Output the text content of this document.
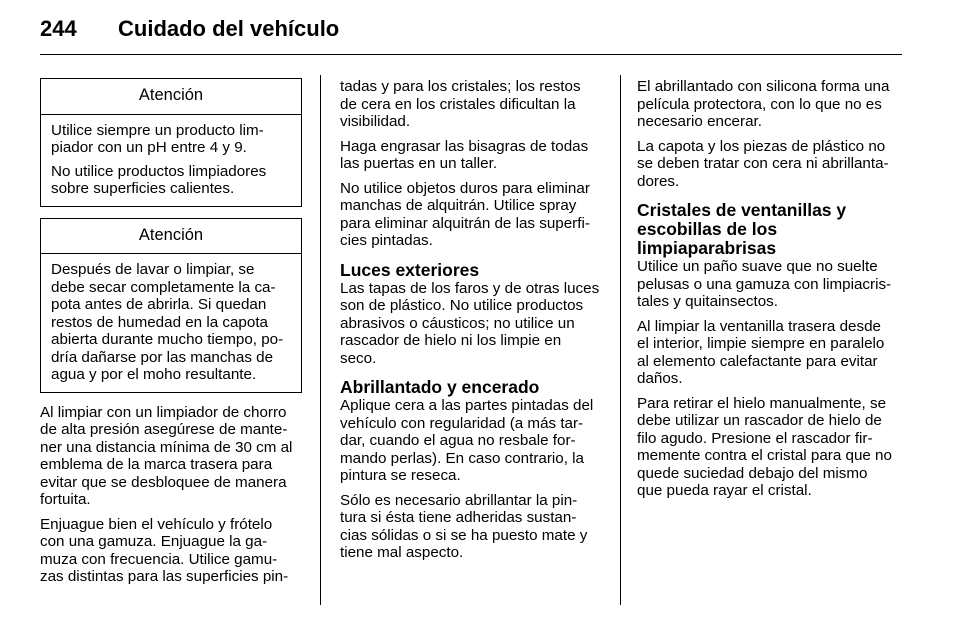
244	Cuidado del vehículo
Atención

Utilice siempre un producto lim-
piador con un pH entre 4 y 9.

No utilice productos limpiadores
sobre superficies calientes.

Atención

Después de lavar o limpiar, se
debe secar completamente la ca-
pota antes de abrirla. Si quedan
restos de humedad en la capota
abierta durante mucho tiempo, po-
dría dañarse por las manchas de
agua y por el moho resultante.

Al limpiar con un limpiador de chorro
de alta presión asegúrese de mante-
ner una distancia mínima de 30 cm al
emblema de la marca trasera para
evitar que se desbloquee de manera
fortuita.

Enjuague bien el vehículo y frótelo
con una gamuza. Enjuague la ga-
muza con frecuencia. Utilice gamu-
zas distintas para las superficies pin-

tadas y para los cristales; los restos
de cera en los cristales dificultan la
visibilidad.

Haga engrasar las bisagras de todas
las puertas en un taller.

No utilice objetos duros para eliminar
manchas de alquitrán. Utilice spray
para eliminar alquitrán de las superfi-
cies pintadas.

Luces exteriores

Las tapas de los faros y de otras luces
son de plástico. No utilice productos
abrasivos o cáusticos; no utilice un
rascador de hielo ni los limpie en
seco.

Abrillantado y encerado

Aplique cera a las partes pintadas del
vehículo con regularidad (a más tar-
dar, cuando el agua no resbale for-
mando perlas). En caso contrario, la
pintura se reseca.

Sólo es necesario abrillantar la pin-
tura si ésta tiene adheridas sustan-
cias sólidas o si se ha puesto mate y
tiene mal aspecto.

El abrillantado con silicona forma una
película protectora, con lo que no es
necesario encerar.

La capota y los piezas de plástico no
se deben tratar con cera ni abrillanta-
dores.

Cristales de ventanillas y
escobillas de los
limpiaparabrisas

Utilice un paño suave que no suelte
pelusas o una gamuza con limpiacris-
tales y quitainsectos.

Al limpiar la ventanilla trasera desde
el interior, limpie siempre en paralelo
al elemento calefactante para evitar
daños.

Para retirar el hielo manualmente, se
debe utilizar un rascador de hielo de
filo agudo. Presione el rascador fir-
memente contra el cristal para que no
quede suciedad debajo del mismo
que pueda rayar el cristal.
